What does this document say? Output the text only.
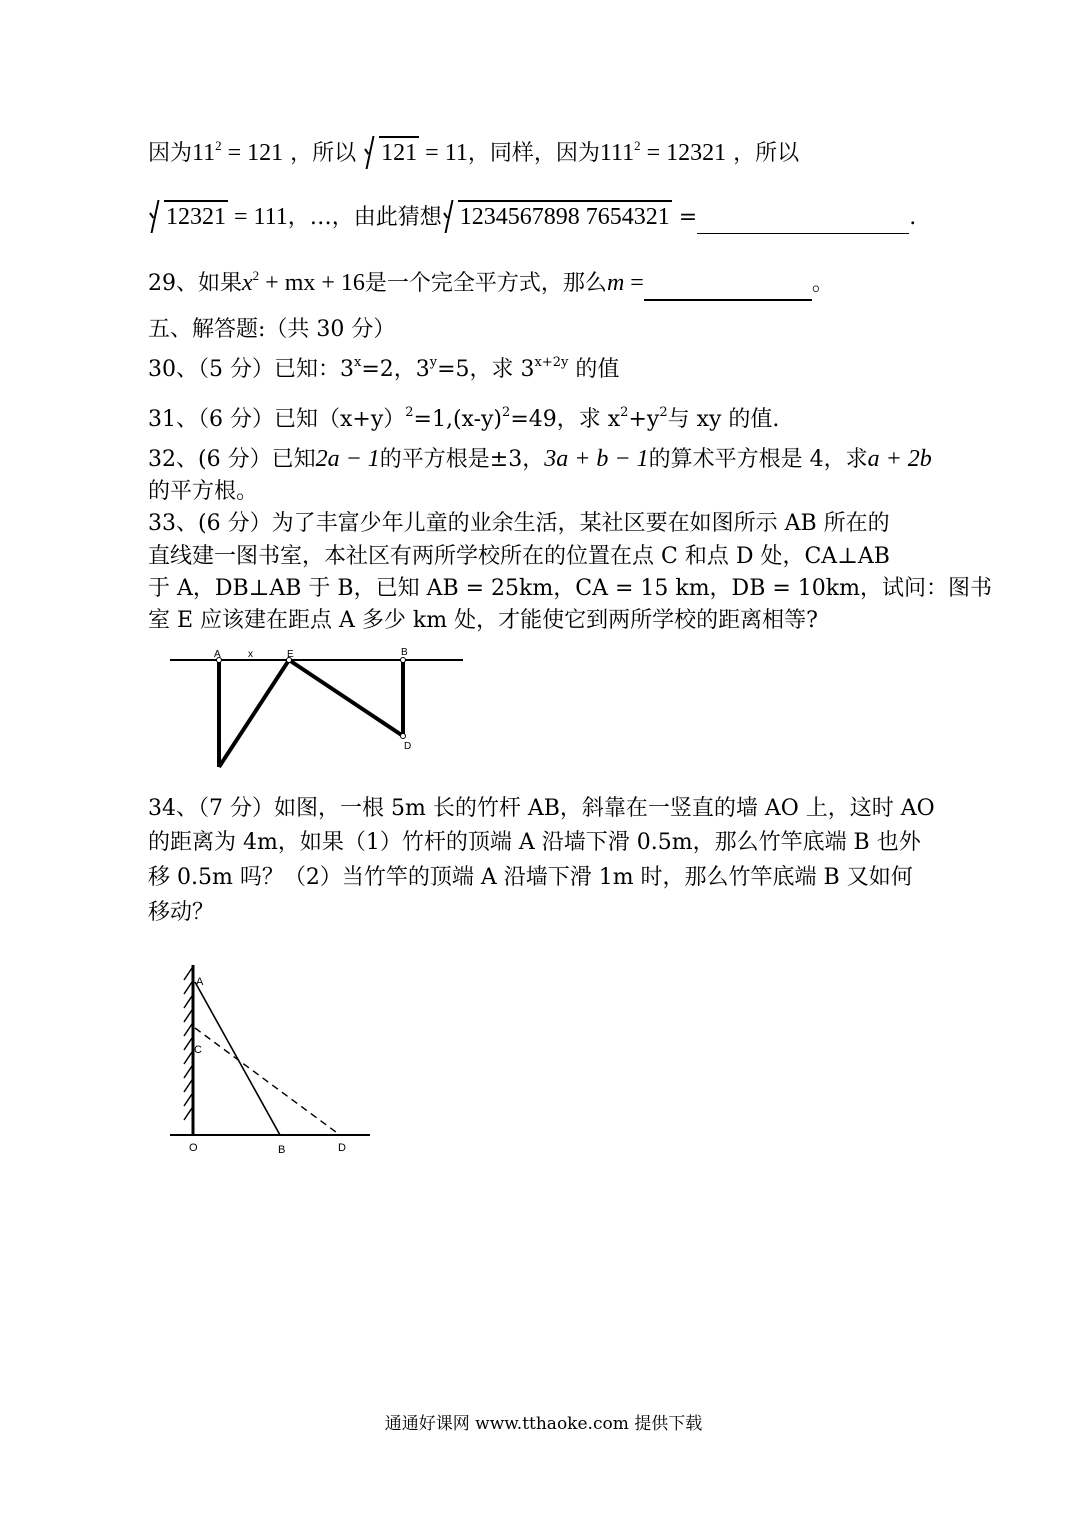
因为$11^2 = 121$ ，所以
121 = 11，同样，因为$111^2 = 12321$ ，所以
12321 = 111，…，由此猜想 1234567898 7654321 =	.
29、如果$x^2$ + mx + 16是一个完全平方式，那么m =	。
五、解答题:（共 30 分）
30、（5 分）已知：$3^x=2$，$3^y=5$，求 $3^{x+2y}$ 的值
31、（6 分）已知$(x+y)^2=1,(x-y)^2=49$，求 $x^2+y^2$与 xy 的值.
32、(6 分）已知2a − 1的平方根是±3，3a + b − 1的算术平方根是 4，求a + 2b
的平方根。
33、(6 分）为了丰富少年儿童的业余生活，某社区要在如图所示 AB 所在的
直线建一图书室，本社区有两所学校所在的位置在点 C 和点 D 处，CA⊥AB
于 A，DB⊥AB 于 B，已知 AB = 25km，CA = 15 km，DB = 10km，试问：图书
室 E 应该建在距点 A 多少 km 处，才能使它到两所学校的距离相等?
A	x	E	B
D
34、（7 分）如图，一根 5m 长的竹杆 AB，斜靠在一竖直的墙 AO 上，这时 AO
的距离为 4m，如果（1）竹杆的顶端 A 沿墙下滑 0.5m，那么竹竿底端 B 也外
移 0.5m 吗？（2）当竹竿的顶端 A 沿墙下滑 1m 时，那么竹竿底端 B 又如何
移动？
A
C
O	B	D
通通好课网 www.tthaoke.com 提供下载
